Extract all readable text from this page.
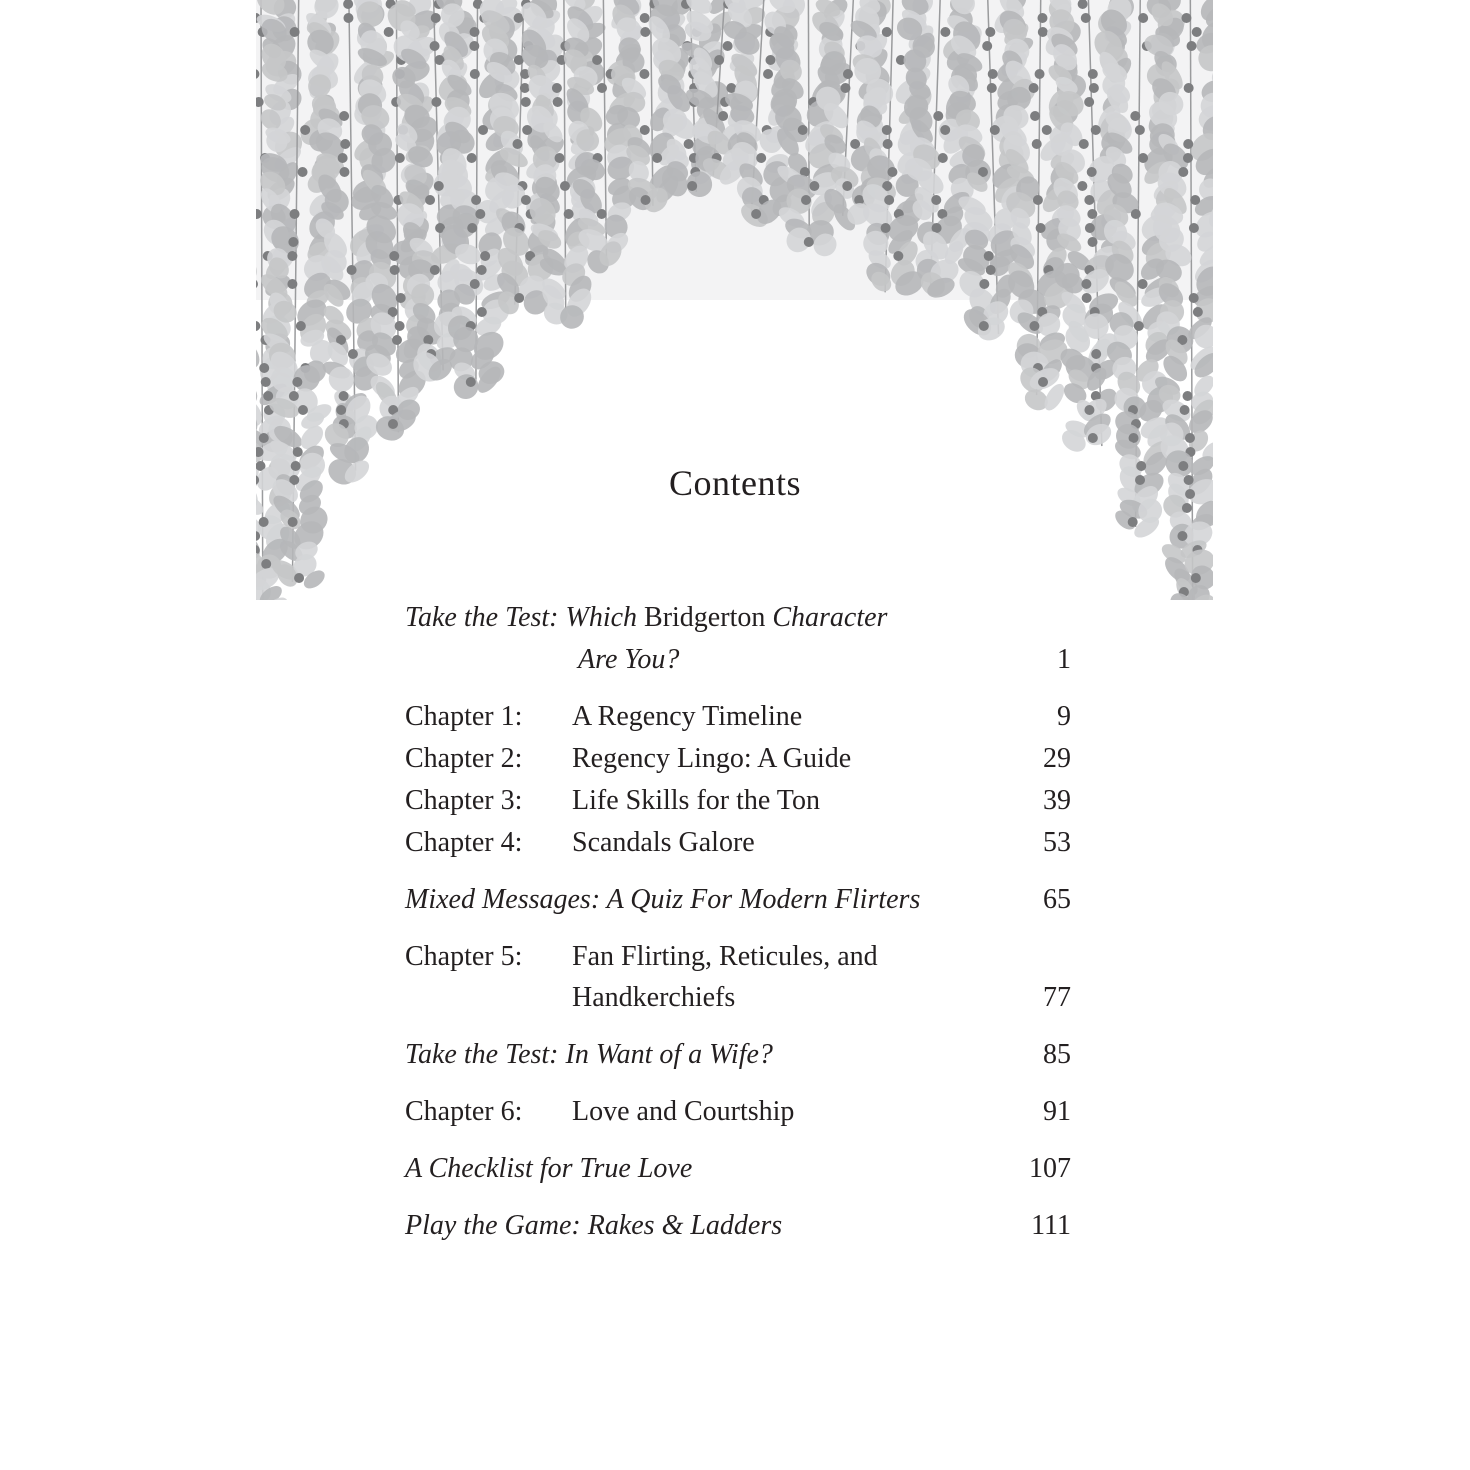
Contents
Take the Test: Which Bridgerton Character
Are You?	1
Chapter 1: A Regency Timeline	9
Chapter 2: Regency Lingo: A Guide	29
Chapter 3: Life Skills for the Ton	39
Chapter 4: Scandals Galore	53
Mixed Messages: A Quiz For Modern Flirters	65
Chapter 5: Fan Flirting, Reticules, and
Handkerchiefs	77
Take the Test: In Want of a Wife?	85
Chapter 6: Love and Courtship	91
A Checklist for True Love	107
Play the Game: Rakes & Ladders	111
